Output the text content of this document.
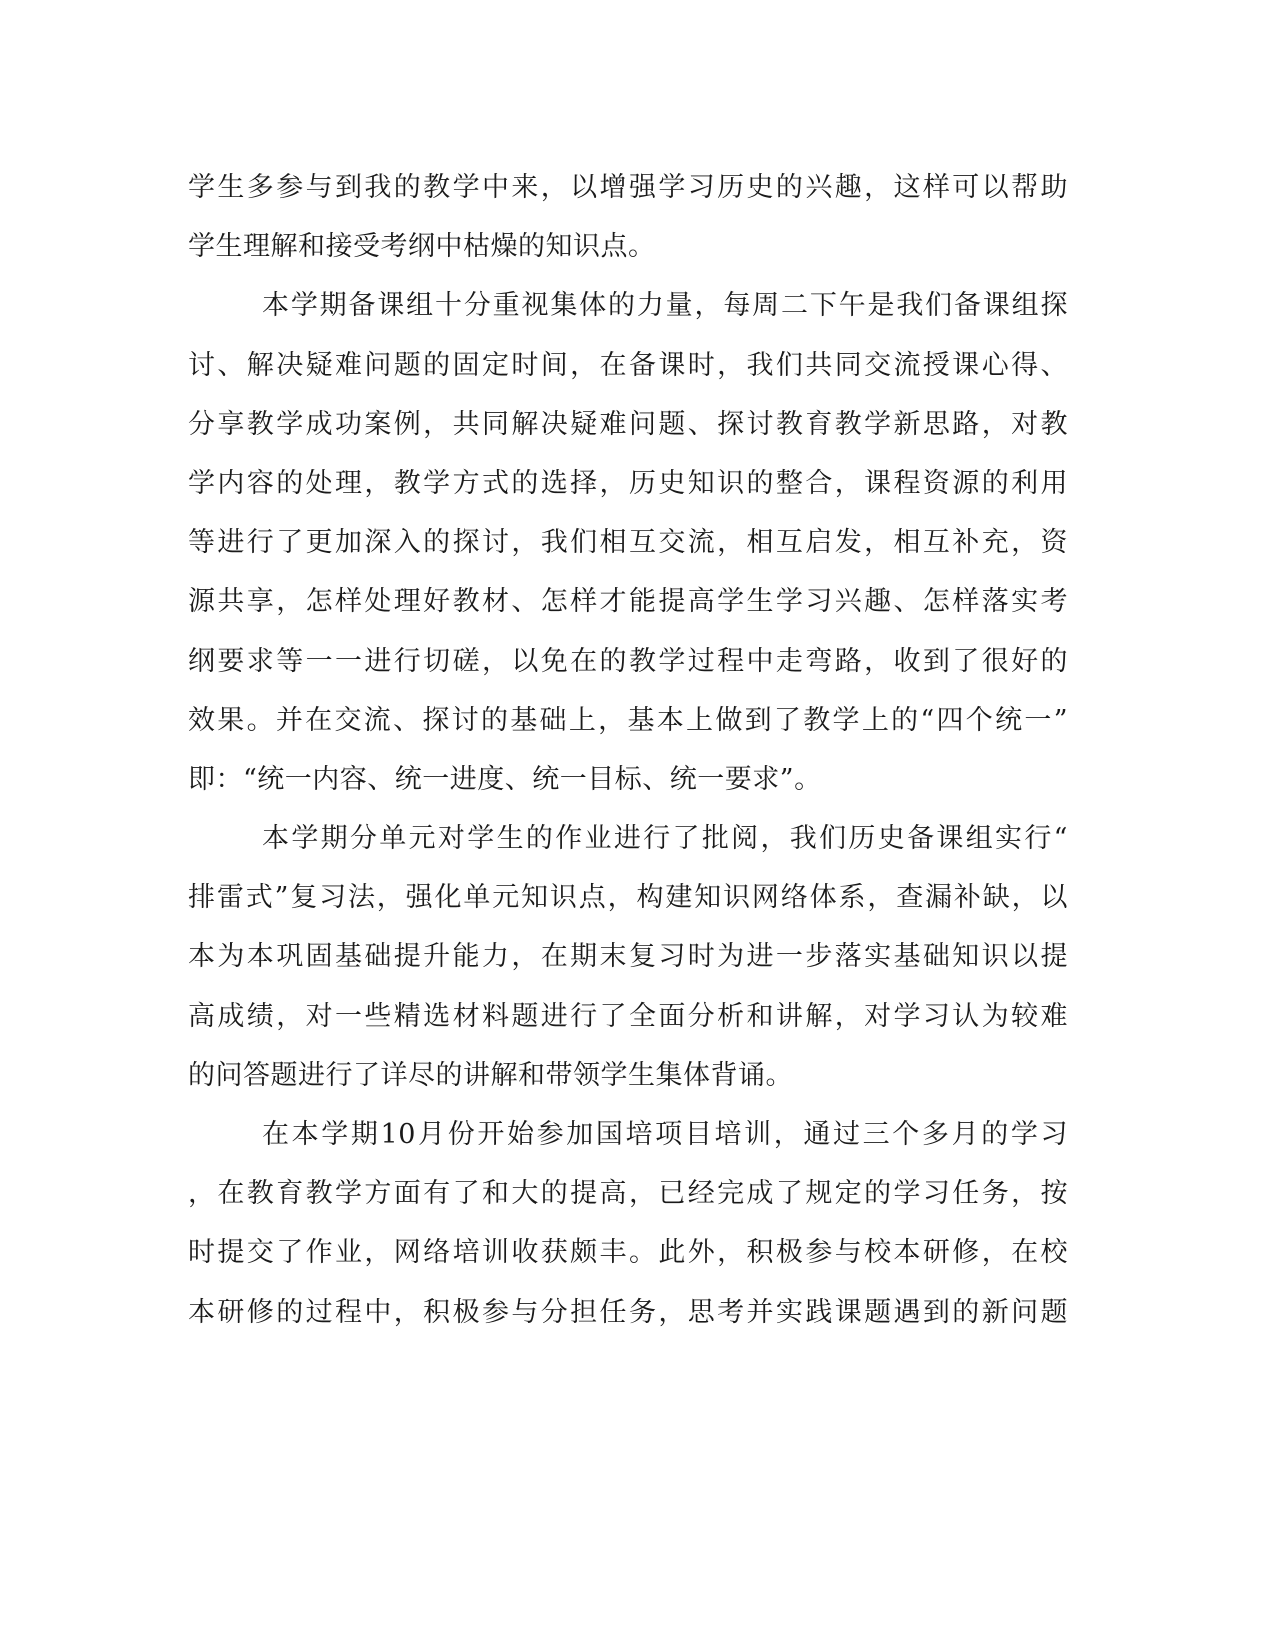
学生多参与到我的教学中来，以增强学习历史的兴趣，这样可以帮助
学生理解和接受考纲中枯燥的知识点。
本学期备课组十分重视集体的力量，每周二下午是我们备课组探
讨、解决疑难问题的固定时间，在备课时，我们共同交流授课心得、
分享教学成功案例，共同解决疑难问题、探讨教育教学新思路，对教
学内容的处理，教学方式的选择，历史知识的整合，课程资源的利用
等进行了更加深入的探讨，我们相互交流，相互启发，相互补充，资
源共享，怎样处理好教材、怎样才能提高学生学习兴趣、怎样落实考
纲要求等一一进行切磋，以免在的教学过程中走弯路，收到了很好的
效果。并在交流、探讨的基础上，基本上做到了教学上的“四个统一”
即：“统一内容、统一进度、统一目标、统一要求”。
本学期分单元对学生的作业进行了批阅，我们历史备课组实行“
排雷式”复习法，强化单元知识点，构建知识网络体系，查漏补缺，以
本为本巩固基础提升能力，在期末复习时为进一步落实基础知识以提
高成绩，对一些精选材料题进行了全面分析和讲解，对学习认为较难
的问答题进行了详尽的讲解和带领学生集体背诵。
在本学期10月份开始参加国培项目培训，通过三个多月的学习
，在教育教学方面有了和大的提高，已经完成了规定的学习任务，按
时提交了作业，网络培训收获颇丰。此外，积极参与校本研修，在校
本研修的过程中，积极参与分担任务，思考并实践课题遇到的新问题
